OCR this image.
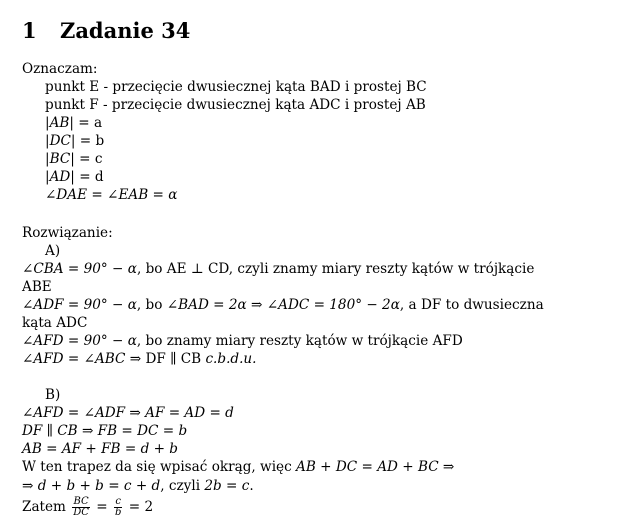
1 Zadanie 34
Oznaczam:
punkt E - przecięcie dwusiecznej kąta BAD i prostej BC
punkt F - przecięcie dwusiecznej kąta ADC i prostej AB
|AB| = a
|DC| = b
|BC| = c
|AD| = d
∠DAE = ∠EAB = α
Rozwiązanie:
A)
∠CBA = 90° − α, bo AE ⊥ CD, czyli znamy miary reszty kątów w trójkącie
ABE
∠ADF = 90° − α, bo ∠BAD = 2α ⇒ ∠ADC = 180° − 2α, a DF to dwusieczna
kąta ADC
∠AFD = 90° − α, bo znamy miary reszty kątów w trójkącie AFD
∠AFD = ∠ABC ⇒ DF ∥ CB c.b.d.u.
B)
∠AFD = ∠ADF ⇒ AF = AD = d
DF ∥ CB ⇒ FB = DC = b
AB = AF + FB = d + b
W ten trapez da się wpisać okrąg, więc AB + DC = AD + BC ⇒
⇒ d + b + b = c + d, czyli 2b = c.
Zatem $\frac{BC}{DC} = \frac{c}{b} = 2$
